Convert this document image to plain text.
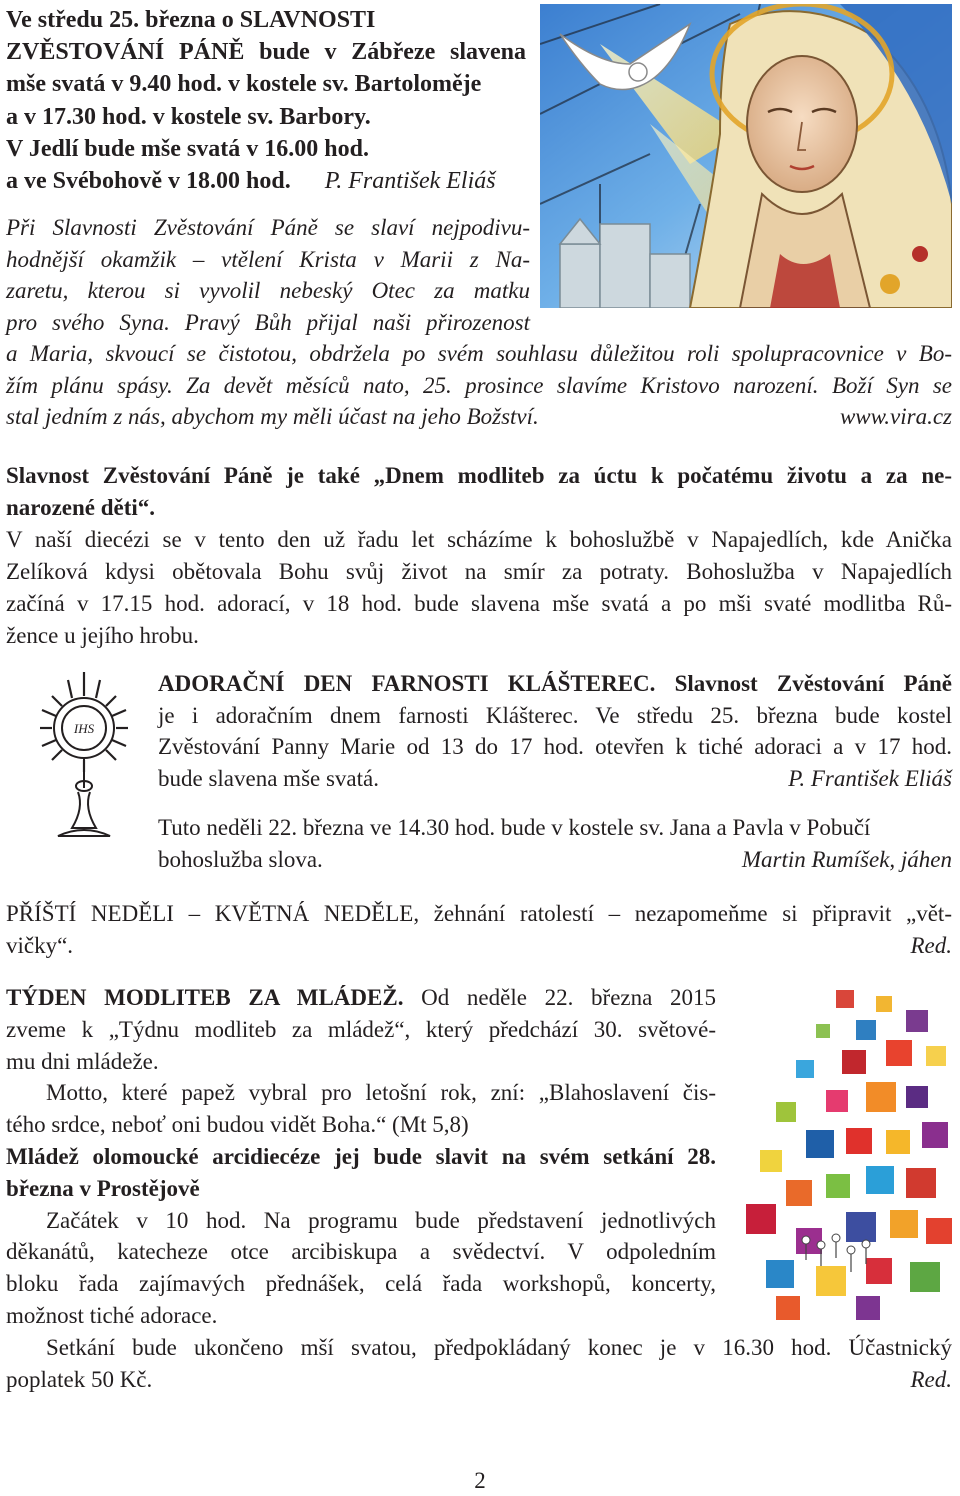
Ve středu 25. března o SLAVNOSTI
ZVĚSTOVÁNÍ PÁNĚ bude v Zábřeze slavena
mše svatá v 9.40 hod. v kostele sv. Bartoloměje
a v 17.30 hod. v kostele sv. Barbory.
V Jedlí bude mše svatá v 16.00 hod.
a ve Svébohově v 18.00 hod. P. František Eliáš
Při Slavnosti Zvěstování Páně se slaví nejpodivu-
hodnější okamžik – vtělení Krista v Marii z Na-
zaretu, kterou si vyvolil nebeský Otec za matku
pro svého Syna. Pravý Bůh přijal naši přirozenost
a Maria, skvoucí se čistotou, obdržela po svém souhlasu důležitou roli spolupracovnice v Bo-
žím plánu spásy. Za devět měsíců nato, 25. prosince slavíme Kristovo narození. Boží Syn se
stal jedním z nás, abychom my měli účast na jeho Božství.	www.vira.cz
Slavnost Zvěstování Páně je také „Dnem modliteb za úctu k počatému životu a za ne-
narozené děti“.
V naší diecézi se v tento den už řadu let scházíme k bohoslužbě v Napajedlích, kde Anička
Zelíková kdysi obětovala Bohu svůj život na smír za potraty. Bohoslužba v Napajedlích
začíná v 17.15 hod. adorací, v 18 hod. bude slavena mše svatá a po mši svaté modlitba Rů-
žence u jejího hrobu.
IHS
ADORAČNÍ DEN FARNOSTI KLÁŠTEREC. Slavnost Zvěstování Páně
je i adoračním dnem farnosti Klášterec. Ve středu 25. března bude kostel
Zvěstování Panny Marie od 13 do 17 hod. otevřen k tiché adoraci a v 17 hod.
bude slavena mše svatá.	P. František Eliáš
Tuto neděli 22. března ve 14.30 hod. bude v kostele sv. Jana a Pavla v Pobučí
bohoslužba slova.	Martin Rumíšek, jáhen
PŘÍŠTÍ NEDĚLI – KVĚTNÁ NEDĚLE, žehnání ratolestí – nezapomeňme si připravit „vět-
vičky“.	Red.
TÝDEN MODLITEB ZA MLÁDEŽ. Od neděle 22. března 2015
zveme k „Týdnu modliteb za mládež“, který předchází 30. světové-
mu dni mládeže.
Motto, které papež vybral pro letošní rok, zní: „Blahoslavení čis-
tého srdce, neboť oni budou vidět Boha.“ (Mt 5,8)
Mládež olomoucké arcidiecéze jej bude slavit na svém setkání 28.
března v Prostějově
Začátek v 10 hod. Na programu bude představení jednotlivých
děkanátů, katecheze otce arcibiskupa a svědectví. V odpoledním
bloku řada zajímavých přednášek, celá řada workshopů, koncerty,
možnost tiché adorace.
Setkání bude ukončeno mší svatou, předpokládaný konec je v 16.30 hod. Účastnický
poplatek 50 Kč.	Red.
2
